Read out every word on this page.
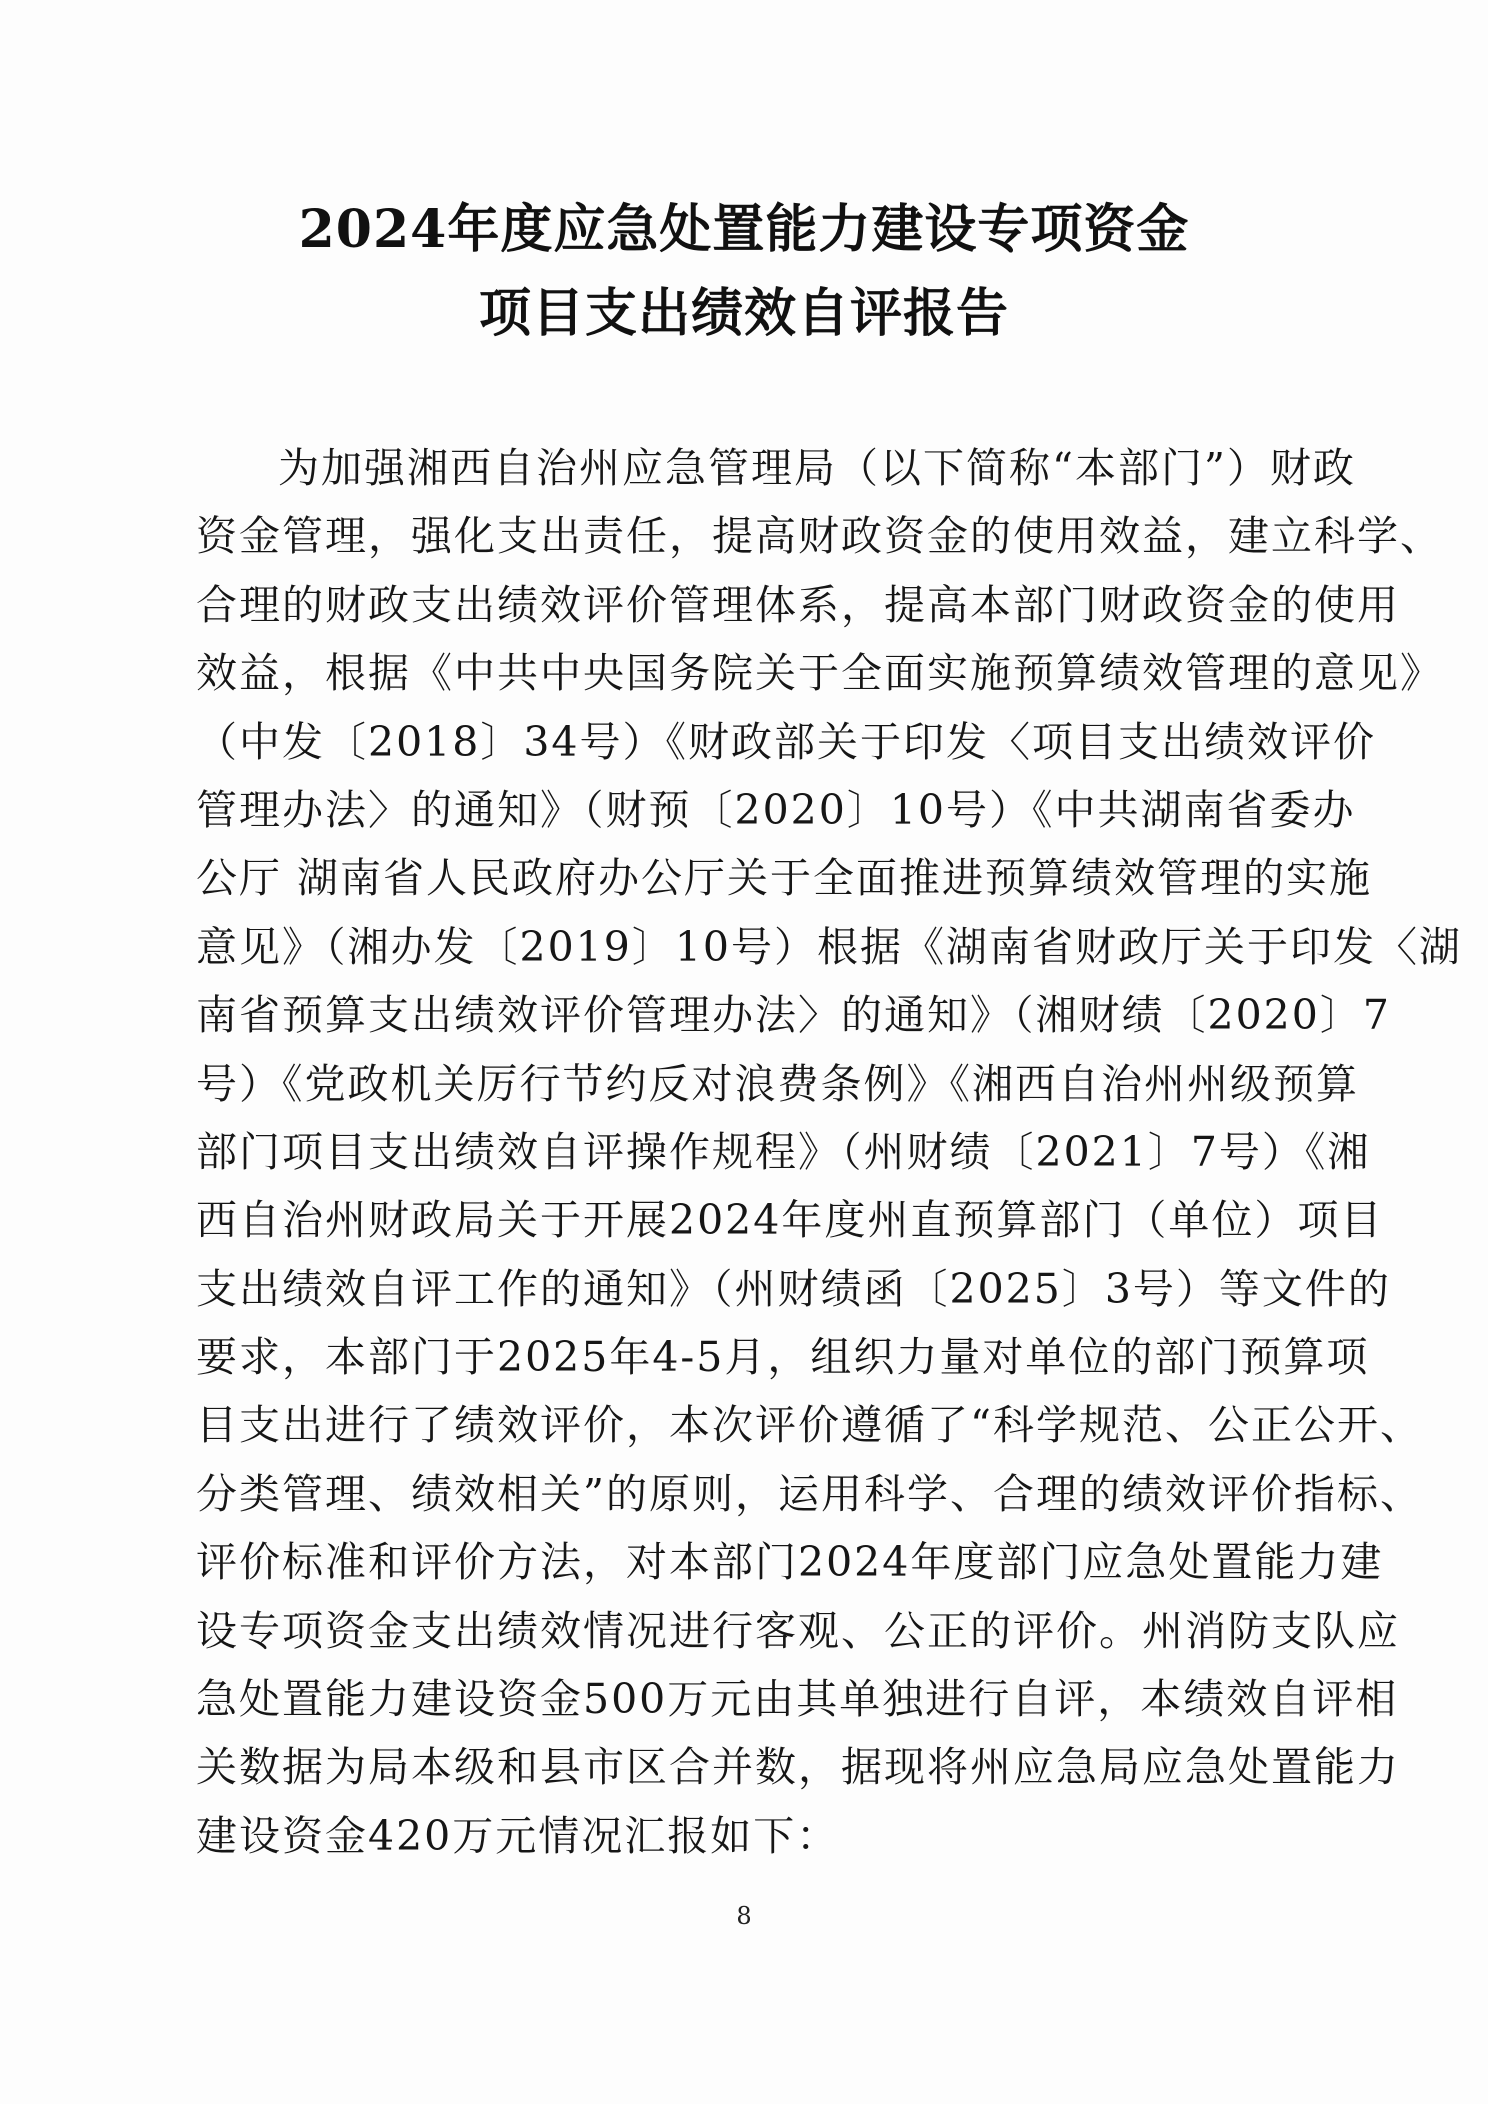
2024年度应急处置能力建设专项资金
项目支出绩效自评报告
为加强湘西自治州应急管理局（以下简称“本部门”）财政
资金管理，强化支出责任，提高财政资金的使用效益，建立科学、
合理的财政支出绩效评价管理体系，提高本部门财政资金的使用
效益，根据《中共中央国务院关于全面实施预算绩效管理的意见》
（中发〔2018〕34号）《财政部关于印发〈项目支出绩效评价
管理办法〉的通知》（财预〔2020〕10号）《中共湖南省委办
公厅 湖南省人民政府办公厅关于全面推进预算绩效管理的实施
意见》（湘办发〔2019〕10号）根据《湖南省财政厅关于印发〈湖
南省预算支出绩效评价管理办法〉的通知》（湘财绩〔2020〕7
号）《党政机关厉行节约反对浪费条例》《湘西自治州州级预算
部门项目支出绩效自评操作规程》（州财绩〔2021〕7号）《湘
西自治州财政局关于开展2024年度州直预算部门（单位）项目
支出绩效自评工作的通知》（州财绩函〔2025〕3号）等文件的
要求，本部门于2025年4-5月，组织力量对单位的部门预算项
目支出进行了绩效评价，本次评价遵循了“科学规范、公正公开、
分类管理、绩效相关”的原则，运用科学、合理的绩效评价指标、
评价标准和评价方法，对本部门2024年度部门应急处置能力建
设专项资金支出绩效情况进行客观、公正的评价。州消防支队应
急处置能力建设资金500万元由其单独进行自评，本绩效自评相
关数据为局本级和县市区合并数，据现将州应急局应急处置能力
建设资金420万元情况汇报如下：
8
